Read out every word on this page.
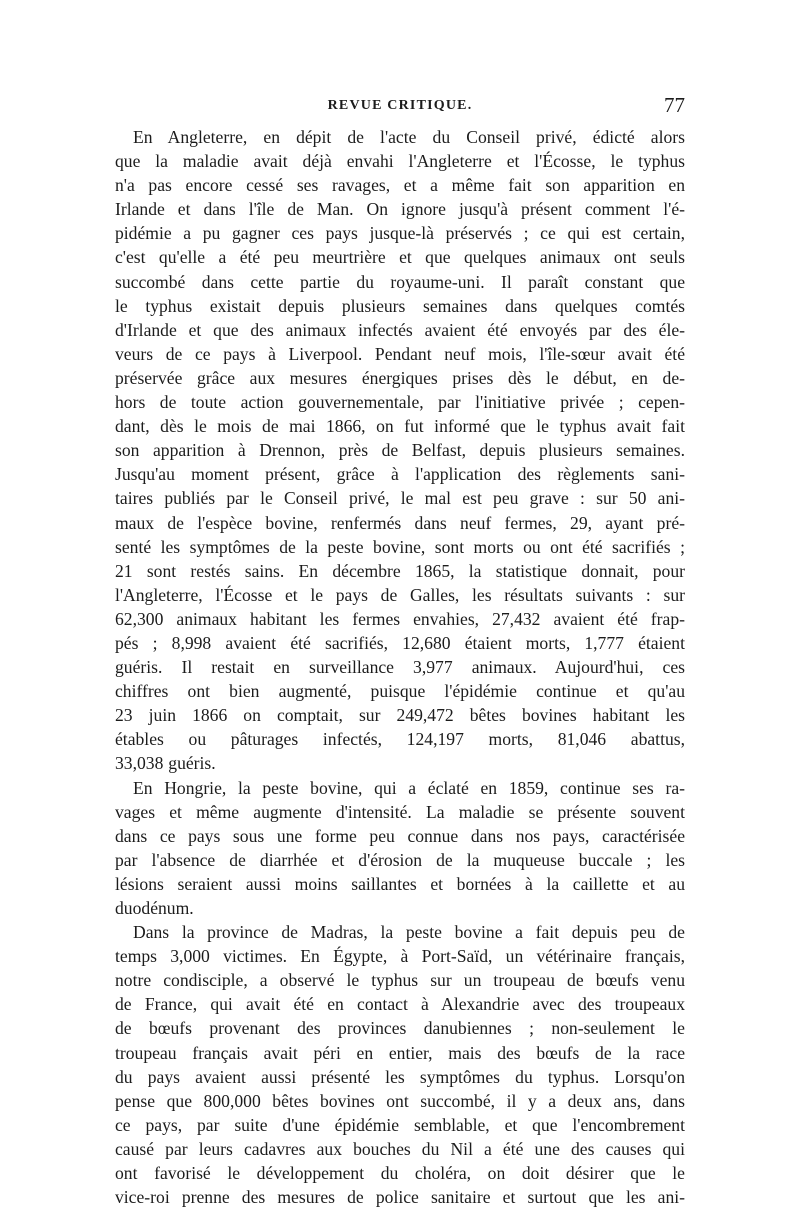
REVUE CRITIQUE.	77
En Angleterre, en dépit de l'acte du Conseil privé, édicté alors
que la maladie avait déjà envahi l'Angleterre et l'Écosse, le typhus
n'a pas encore cessé ses ravages, et a même fait son apparition en
Irlande et dans l'île de Man. On ignore jusqu'à présent comment l'é-
pidémie a pu gagner ces pays jusque-là préservés ; ce qui est certain,
c'est qu'elle a été peu meurtrière et que quelques animaux ont seuls
succombé dans cette partie du royaume-uni. Il paraît constant que
le typhus existait depuis plusieurs semaines dans quelques comtés
d'Irlande et que des animaux infectés avaient été envoyés par des éle-
veurs de ce pays à Liverpool. Pendant neuf mois, l'île-sœur avait été
préservée grâce aux mesures énergiques prises dès le début, en de-
hors de toute action gouvernementale, par l'initiative privée ; cepen-
dant, dès le mois de mai 1866, on fut informé que le typhus avait fait
son apparition à Drennon, près de Belfast, depuis plusieurs semaines.
Jusqu'au moment présent, grâce à l'application des règlements sani-
taires publiés par le Conseil privé, le mal est peu grave : sur 50 ani-
maux de l'espèce bovine, renfermés dans neuf fermes, 29, ayant pré-
senté les symptômes de la peste bovine, sont morts ou ont été sacrifiés ;
21 sont restés sains. En décembre 1865, la statistique donnait, pour
l'Angleterre, l'Écosse et le pays de Galles, les résultats suivants : sur
62,300 animaux habitant les fermes envahies, 27,432 avaient été frap-
pés ; 8,998 avaient été sacrifiés, 12,680 étaient morts, 1,777 étaient
guéris. Il restait en surveillance 3,977 animaux. Aujourd'hui, ces
chiffres ont bien augmenté, puisque l'épidémie continue et qu'au
23 juin 1866 on comptait, sur 249,472 bêtes bovines habitant les
étables ou pâturages infectés, 124,197 morts, 81,046 abattus,
33,038 guéris.
En Hongrie, la peste bovine, qui a éclaté en 1859, continue ses ra-
vages et même augmente d'intensité. La maladie se présente souvent
dans ce pays sous une forme peu connue dans nos pays, caractérisée
par l'absence de diarrhée et d'érosion de la muqueuse buccale ; les
lésions seraient aussi moins saillantes et bornées à la caillette et au
duodénum.
Dans la province de Madras, la peste bovine a fait depuis peu de
temps 3,000 victimes. En Égypte, à Port-Saïd, un vétérinaire français,
notre condisciple, a observé le typhus sur un troupeau de bœufs venu
de France, qui avait été en contact à Alexandrie avec des troupeaux
de bœufs provenant des provinces danubiennes ; non-seulement le
troupeau français avait péri en entier, mais des bœufs de la race
du pays avaient aussi présenté les symptômes du typhus. Lorsqu'on
pense que 800,000 bêtes bovines ont succombé, il y a deux ans, dans
ce pays, par suite d'une épidémie semblable, et que l'encombrement
causé par leurs cadavres aux bouches du Nil a été une des causes qui
ont favorisé le développement du choléra, on doit désirer que le
vice-roi prenne des mesures de police sanitaire et surtout que les ani-
